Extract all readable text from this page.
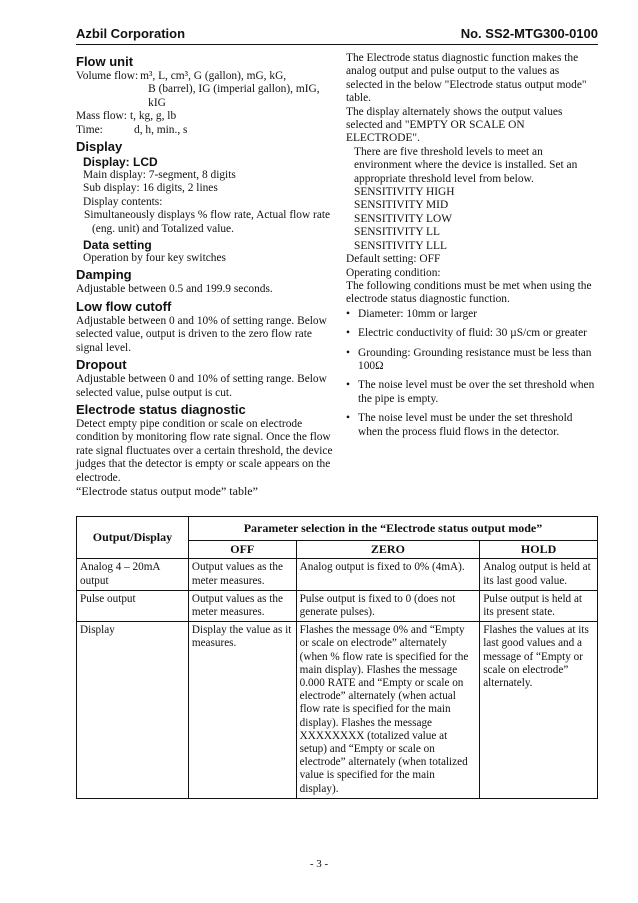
Azbil Corporation	No. SS2-MTG300-0100
Flow unit
Volume flow: m³, L, cm³, G (gallon), mG, kG,
B (barrel), IG (imperial gallon), mIG,
kIG
Mass flow: t, kg, g, lb
Time:	d, h, min., s
Display
Display: LCD
Main display: 7-segment, 8 digits
Sub display: 16 digits, 2 lines
Display contents:
Simultaneously displays % flow rate, Actual flow rate (eng. unit) and Totalized value.
Data setting
Operation by four key switches
Damping
Adjustable between 0.5 and 199.9 seconds.
Low flow cutoff
Adjustable between 0 and 10% of setting range. Below selected value, output is driven to the zero flow rate signal level.
Dropout
Adjustable between 0 and 10% of setting range. Below selected value, pulse output is cut.
Electrode status diagnostic
Detect empty pipe condition or scale on electrode condition by monitoring flow rate signal. Once the flow rate signal fluctuates over a certain threshold, the device judges that the detector is empty or scale appears on the electrode.
The Electrode status diagnostic function makes the analog output and pulse output to the values as selected in the below "Electrode status output mode" table.
The display alternately shows the output values selected and "EMPTY OR SCALE ON ELECTRODE".
There are five threshold levels to meet an environment where the device is installed. Set an appropriate threshold level from below.
SENSITIVITY HIGH
SENSITIVITY MID
SENSITIVITY LOW
SENSITIVITY LL
SENSITIVITY LLL
Default setting: OFF
Operating condition:
The following conditions must be met when using the electrode status diagnostic function.
• Diameter: 10mm or larger
• Electric conductivity of fluid: 30 µS/cm or greater
• Grounding: Grounding resistance must be less than 100Ω
• The noise level must be over the set threshold when the pipe is empty.
• The noise level must be under the set threshold when the process fluid flows in the detector.
“Electrode status output mode” table”
Output/Display	Parameter selection in the “Electrode status output mode”		
	OFF	ZERO	HOLD
Analog 4 – 20mA output	Output values as the meter measures.	Analog output is fixed to 0% (4mA).	Analog output is held at its last good value.
Pulse output	Output values as the meter measures.	Pulse output is fixed to 0 (does not generate pulses).	Pulse output is held at its present state.
Display	Display the value as it measures.	Flashes the message 0% and “Empty or scale on electrode” alternately (when % flow rate is specified for the main display). Flashes the message 0.000 RATE and “Empty or scale on electrode” alternately (when actual flow rate is specified for the main display). Flashes the message XXXXXXXX (totalized value at setup) and “Empty or scale on electrode” alternately (when totalized value is specified for the main display).	Flashes the values at its last good values and a message of “Empty or scale on electrode” alternately.
- 3 -
